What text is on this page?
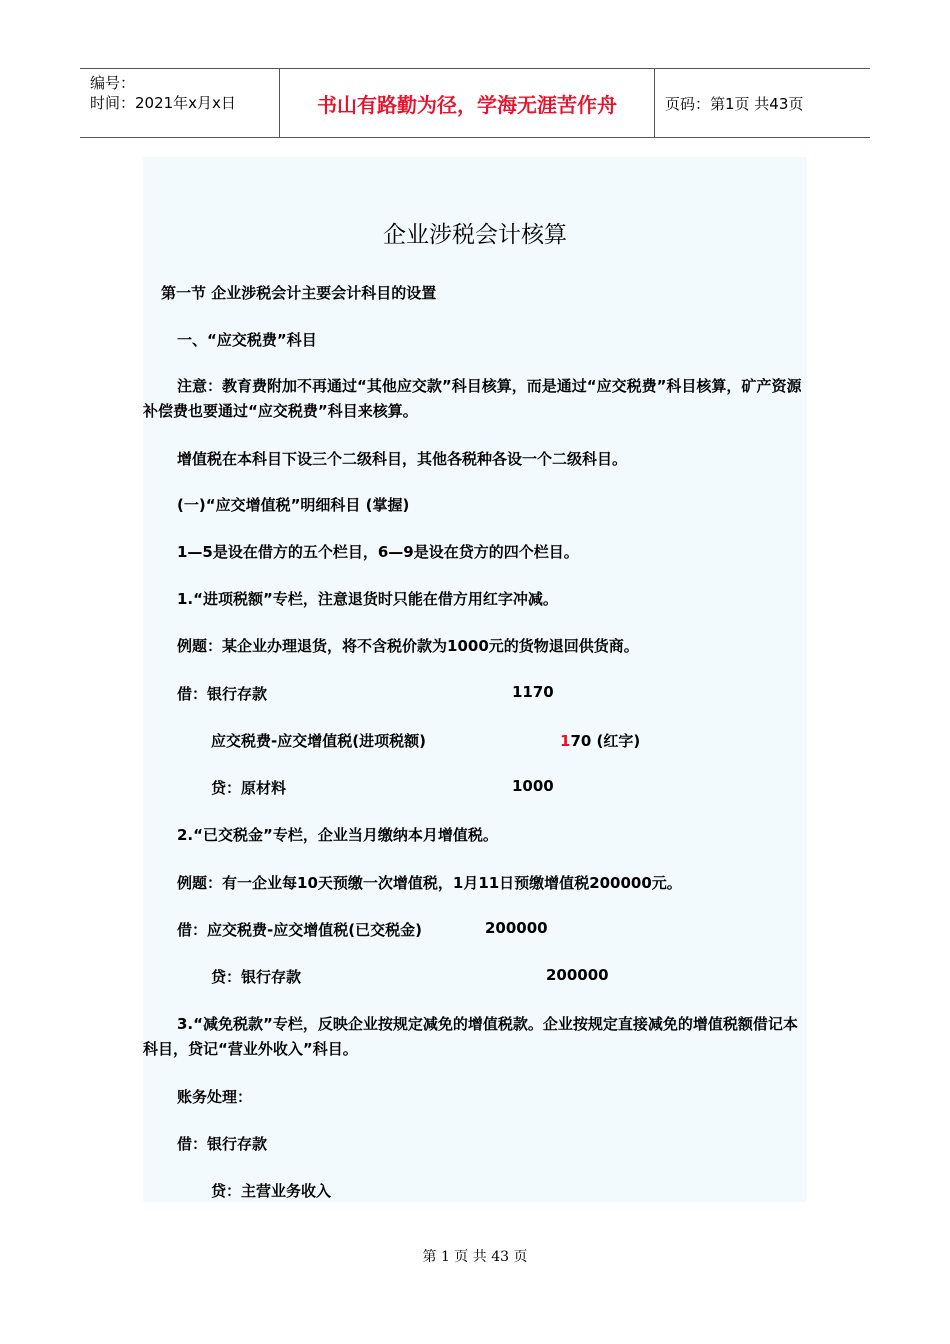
编号：
时间：2021年x月x日	书山有路勤为径，学海无涯苦作舟	页码：第1页 共43页
企业涉税会计核算
第一节 企业涉税会计主要会计科目的设置
一、“应交税费”科目
注意：教育费附加不再通过“其他应交款”科目核算，而是通过“应交税费”科目核算，矿产资源补偿费也要通过“应交税费”科目来核算。
增值税在本科目下设三个二级科目，其他各税种各设一个二级科目。
(一)“应交增值税”明细科目 (掌握)
1—5是设在借方的五个栏目，6—9是设在贷方的四个栏目。
1.“进项税额”专栏，注意退货时只能在借方用红字冲减。
例题：某企业办理退货，将不含税价款为1000元的货物退回供货商。
借：银行存款	1170
应交税费-应交增值税(进项税额)	170 (红字)
贷：原材料	1000
2.“已交税金”专栏，企业当月缴纳本月增值税。
例题：有一企业每10天预缴一次增值税，1月11日预缴增值税200000元。
借：应交税费-应交增值税(已交税金)	200000
贷：银行存款	200000
3.“减免税款”专栏，反映企业按规定减免的增值税款。企业按规定直接减免的增值税额借记本科目，贷记“营业外收入”科目。
账务处理：
借：银行存款
贷：主营业务收入
第 1 页 共 43 页
